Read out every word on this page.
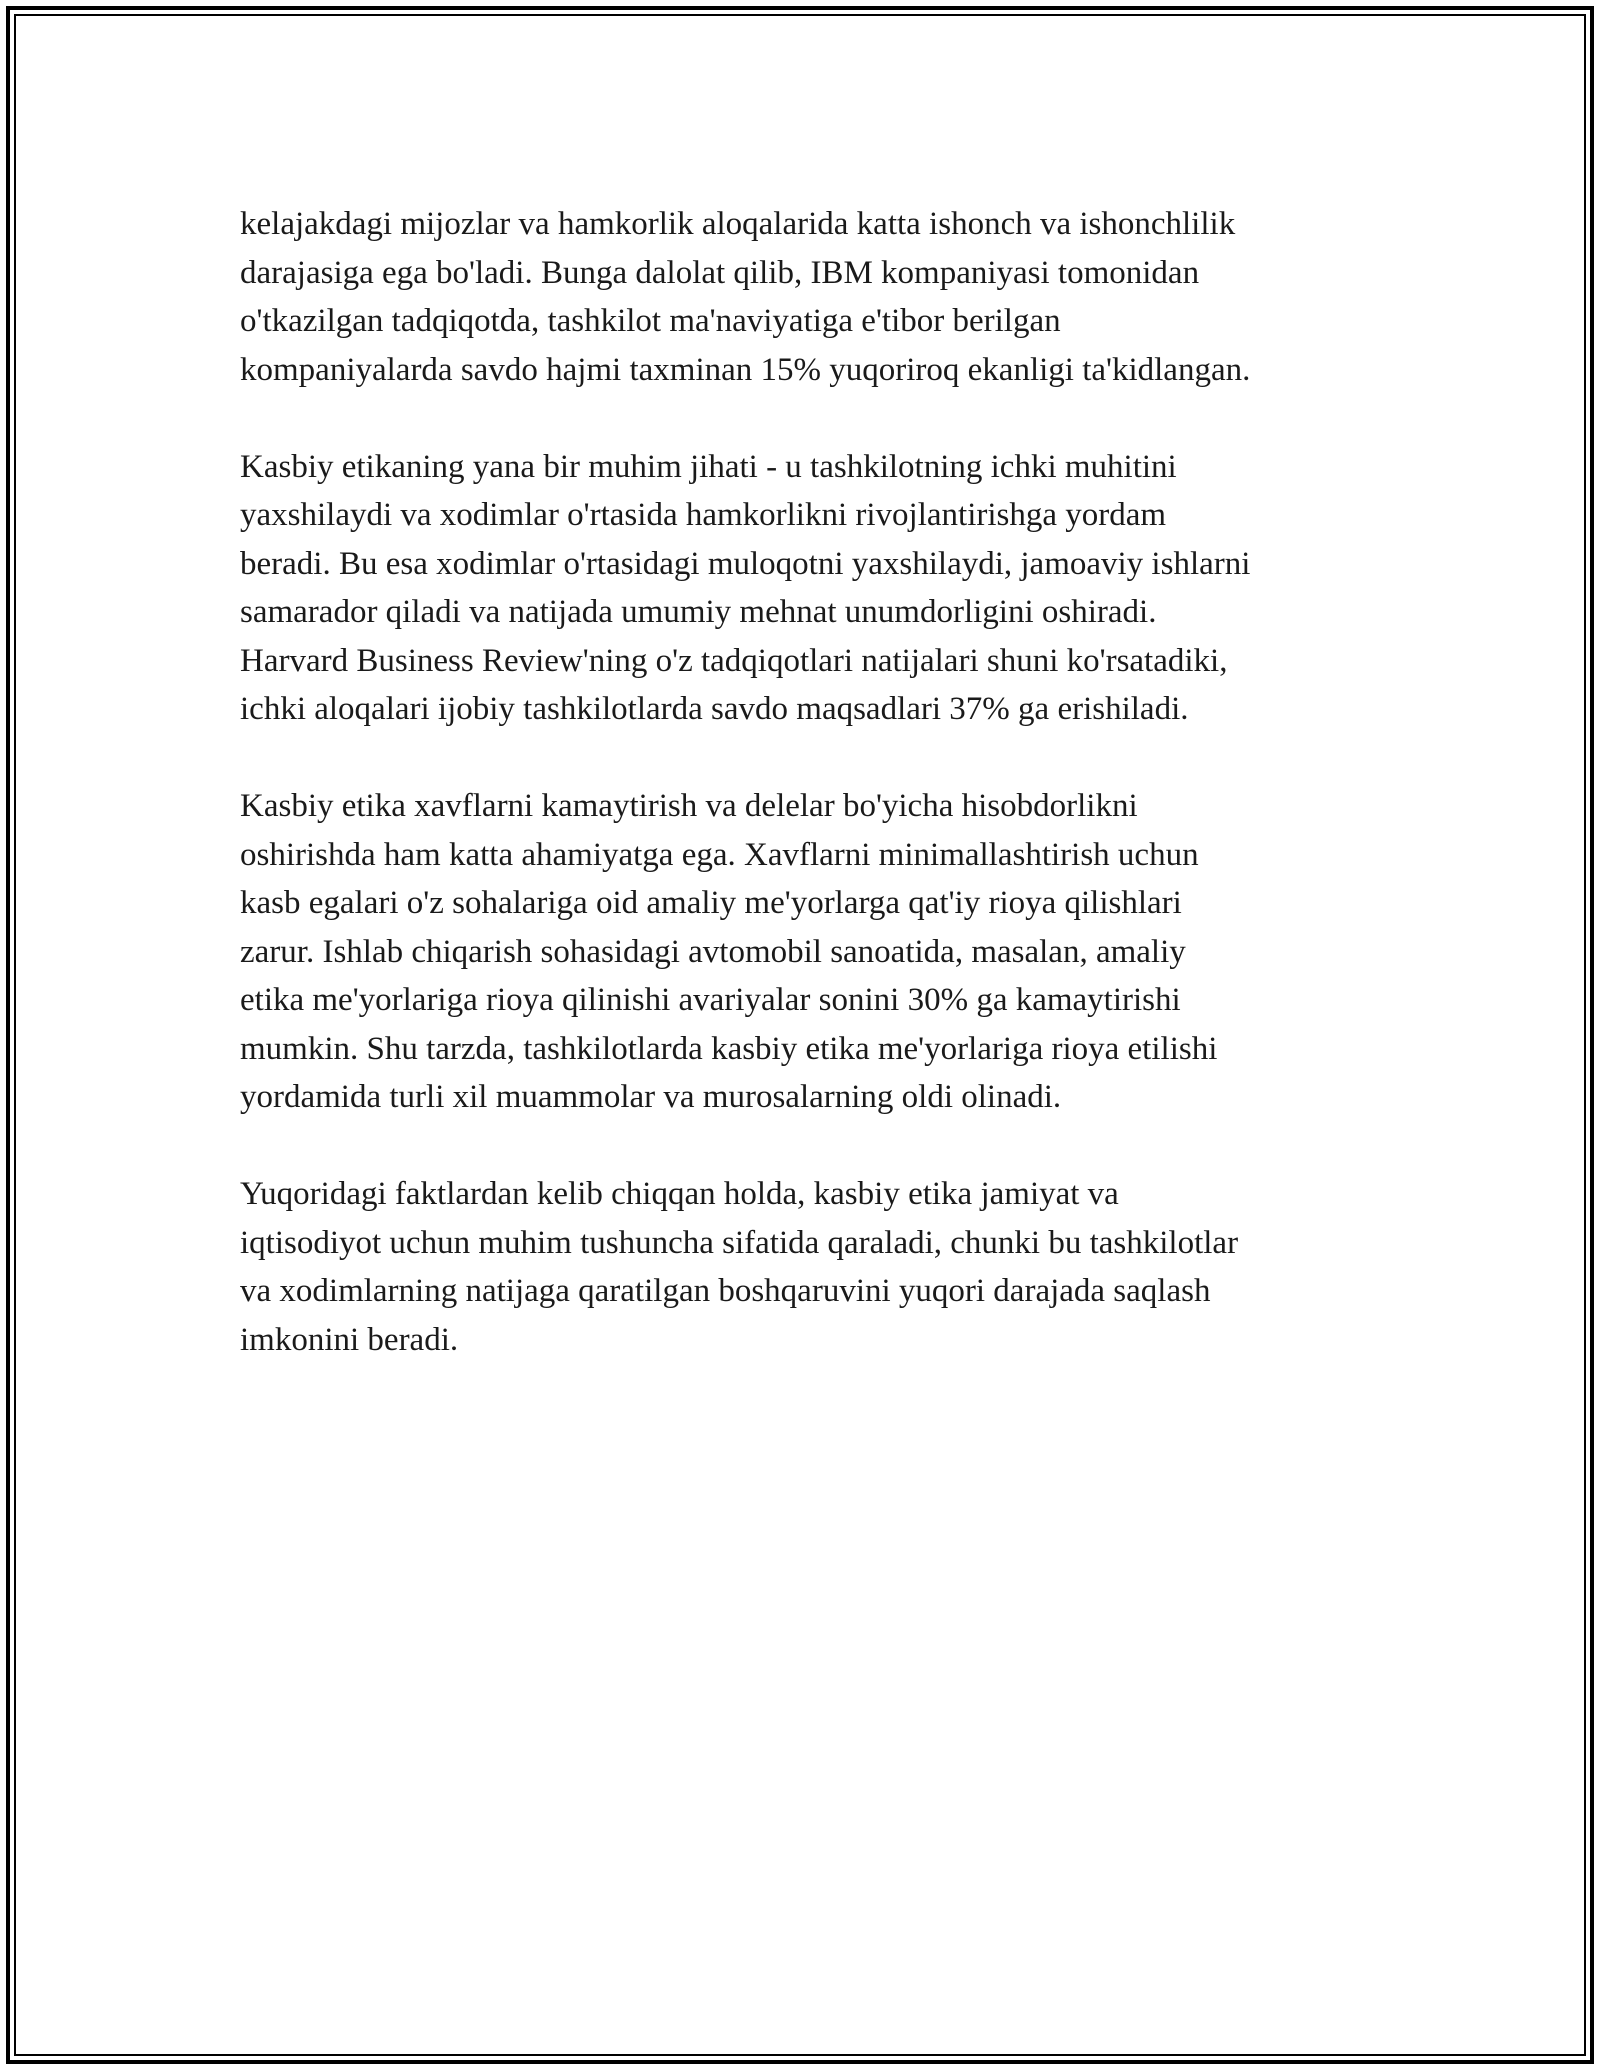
kelajakdagi mijozlar va hamkorlik aloqalarida katta ishonch va ishonchlilik
darajasiga ega bo'ladi. Bunga dalolat qilib, IBM kompaniyasi tomonidan
o'tkazilgan tadqiqotda, tashkilot ma'naviyatiga e'tibor berilgan
kompaniyalarda savdo hajmi taxminan 15% yuqoriroq ekanligi ta'kidlangan.

Kasbiy etikaning yana bir muhim jihati - u tashkilotning ichki muhitini
yaxshilaydi va xodimlar o'rtasida hamkorlikni rivojlantirishga yordam
beradi. Bu esa xodimlar o'rtasidagi muloqotni yaxshilaydi, jamoaviy ishlarni
samarador qiladi va natijada umumiy mehnat unumdorligini oshiradi.
Harvard Business Review'ning o'z tadqiqotlari natijalari shuni ko'rsatadiki,
ichki aloqalari ijobiy tashkilotlarda savdo maqsadlari 37% ga erishiladi.

Kasbiy etika xavflarni kamaytirish va delelar bo'yicha hisobdorlikni
oshirishda ham katta ahamiyatga ega. Xavflarni minimallashtirish uchun
kasb egalari o'z sohalariga oid amaliy me'yorlarga qat'iy rioya qilishlari
zarur. Ishlab chiqarish sohasidagi avtomobil sanoatida, masalan, amaliy
etika me'yorlariga rioya qilinishi avariyalar sonini 30% ga kamaytirishi
mumkin. Shu tarzda, tashkilotlarda kasbiy etika me'yorlariga rioya etilishi
yordamida turli xil muammolar va murosalarning oldi olinadi.

Yuqoridagi faktlardan kelib chiqqan holda, kasbiy etika jamiyat va
iqtisodiyot uchun muhim tushuncha sifatida qaraladi, chunki bu tashkilotlar
va xodimlarning natijaga qaratilgan boshqaruvini yuqori darajada saqlash
imkonini beradi.
